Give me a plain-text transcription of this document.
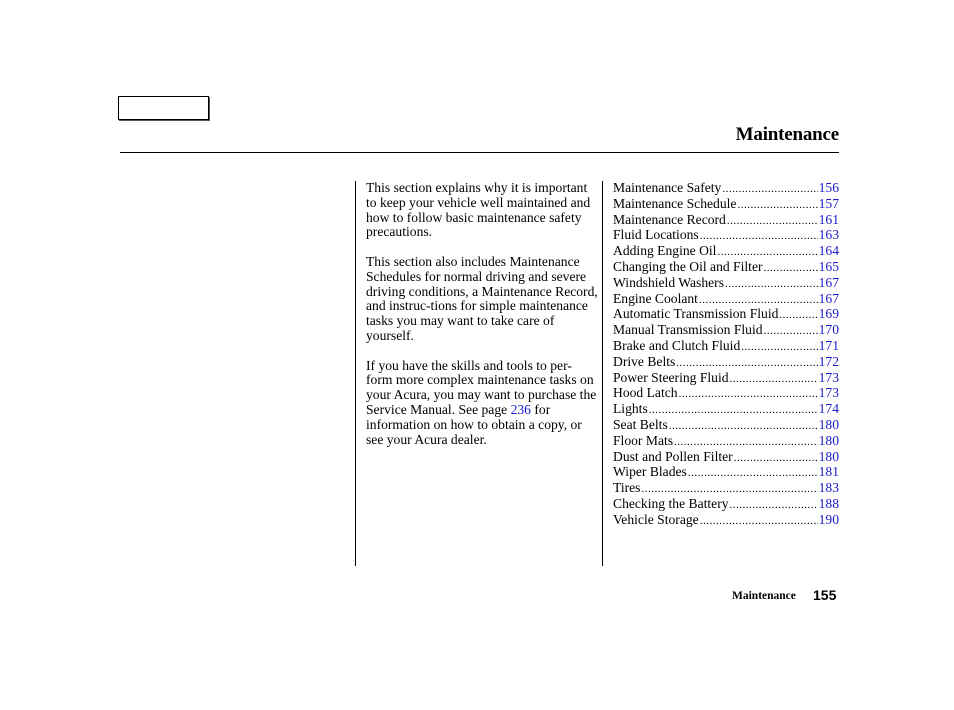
Maintenance

This section explains why it is important to keep your vehicle well maintained and how to follow basic maintenance safety precautions.

This section also includes Maintenance Schedules for normal driving and severe driving conditions, a Maintenance Record, and instruc-tions for simple maintenance tasks you may want to take care of yourself.

If you have the skills and tools to per-form more complex maintenance tasks on your Acura, you may want to purchase the Service Manual. See page 236 for information on how to obtain a copy, or see your Acura dealer.

Maintenance Safety .....	156
Maintenance Schedule .....	157
Maintenance Record .....	161
Fluid Locations .....	163
Adding Engine Oil .....	164
Changing the Oil and Filter .....	165
Windshield Washers .....	167
Engine Coolant .....	167
Automatic Transmission Fluid .....	169
Manual Transmission Fluid .....	170
Brake and Clutch Fluid .....	171
Drive Belts .....	172
Power Steering Fluid .....	173
Hood Latch .....	173
Lights .....	174
Seat Belts .....	180
Floor Mats .....	180
Dust and Pollen Filter .....	180
Wiper Blades .....	181
Tires .....	183
Checking the Battery .....	188
Vehicle Storage .....	190
Maintenance 155
